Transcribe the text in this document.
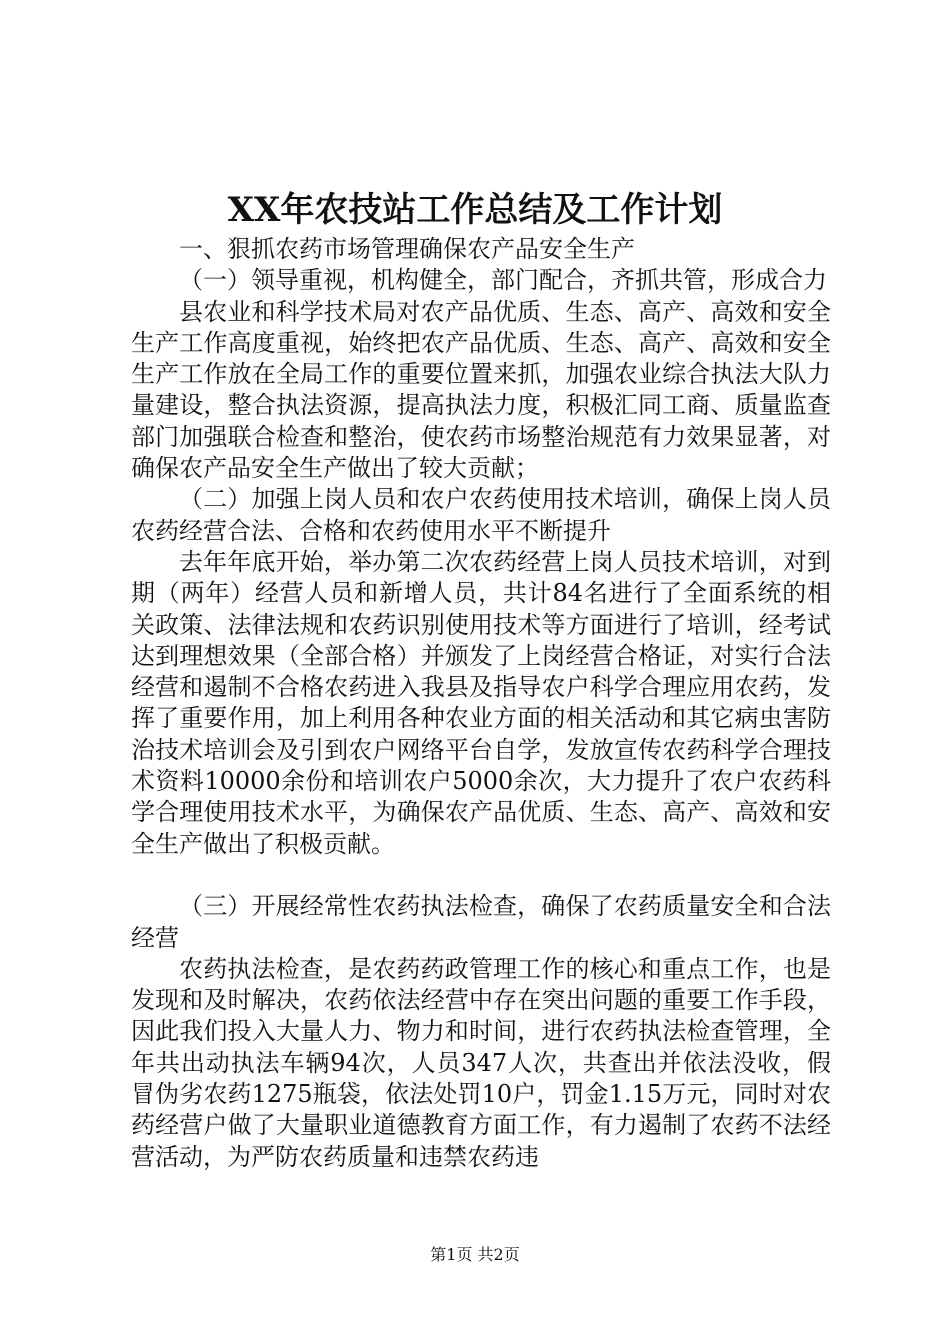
XX年农技站工作总结及工作计划

一、狠抓农药市场管理确保农产品安全生产

（一）领导重视，机构健全，部门配合，齐抓共管，形成合力

县农业和科学技术局对农产品优质、生态、高产、高效和安全生产工作高度重视，始终把农产品优质、生态、高产、高效和安全生产工作放在全局工作的重要位置来抓，加强农业综合执法大队力量建设，整合执法资源，提高执法力度，积极汇同工商、质量监查部门加强联合检查和整治，使农药市场整治规范有力效果显著，对确保农产品安全生产做出了较大贡献；

（二）加强上岗人员和农户农药使用技术培训，确保上岗人员农药经营合法、合格和农药使用水平不断提升

去年年底开始，举办第二次农药经营上岗人员技术培训，对到期（两年）经营人员和新增人员，共计84名进行了全面系统的相关政策、法律法规和农药识别使用技术等方面进行了培训，经考试达到理想效果（全部合格）并颁发了上岗经营合格证，对实行合法经营和遏制不合格农药进入我县及指导农户科学合理应用农药，发挥了重要作用，加上利用各种农业方面的相关活动和其它病虫害防治技术培训会及引到农户网络平台自学，发放宣传农药科学合理技术资料10000余份和培训农户5000余次，大力提升了农户农药科学合理使用技术水平，为确保农产品优质、生态、高产、高效和安全生产做出了积极贡献。

（三）开展经常性农药执法检查，确保了农药质量安全和合法经营

农药执法检查，是农药药政管理工作的核心和重点工作，也是发现和及时解决，农药依法经营中存在突出问题的重要工作手段，因此我们投入大量人力、物力和时间，进行农药执法检查管理，全年共出动执法车辆94次，人员347人次，共查出并依法没收，假冒伪劣农药1275瓶袋，依法处罚10户，罚金1.15万元，同时对农药经营户做了大量职业道德教育方面工作，有力遏制了农药不法经营活动，为严防农药质量和违禁农药违

第1页 共2页
